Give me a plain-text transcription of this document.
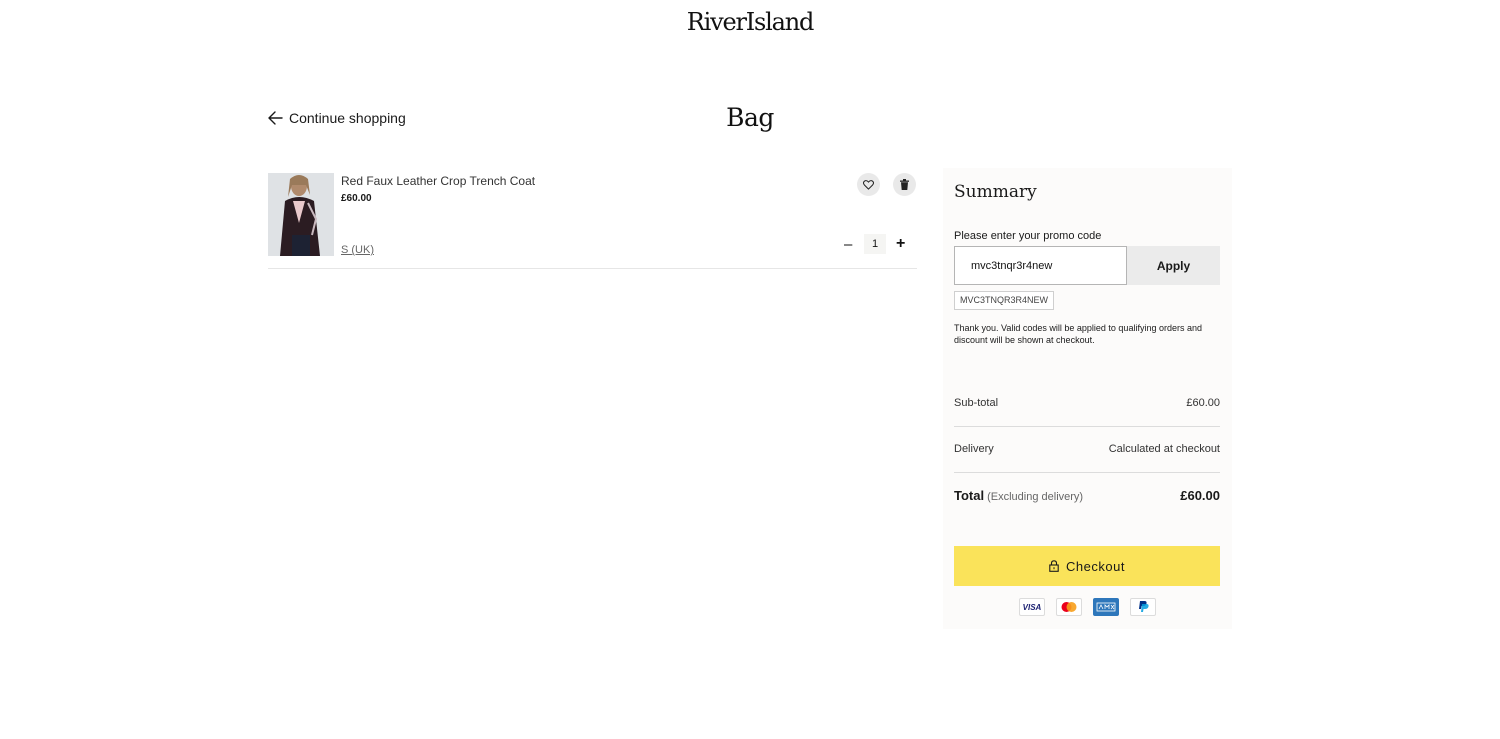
RiverIsland
Continue shopping	Bag
Red Faux Leather Crop Trench Coat
£60.00
S (UK)	–	1	+
Summary
Please enter your promo code
mvc3tnqr3r4new
Apply
MVC3TNQR3R4NEW
Thank you. Valid codes will be applied to qualifying orders and discount will be shown at checkout.
Sub-total	£60.00
Delivery	Calculated at checkout
Total (Excluding delivery)	£60.00
Checkout
VISA
